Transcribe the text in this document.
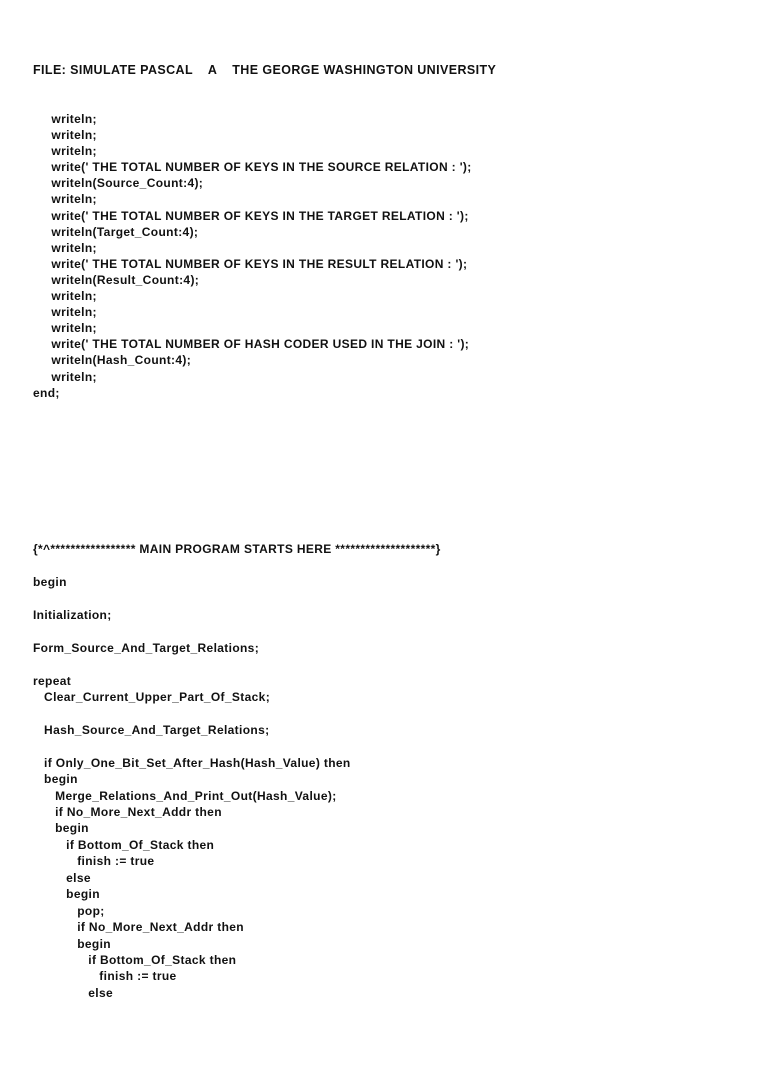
FILE: SIMULATE PASCAL    A    THE GEORGE WASHINGTON UNIVERSITY
writeln;
writeln;
writeln;
write(' THE TOTAL NUMBER OF KEYS IN THE SOURCE RELATION : ');
writeln(Source_Count:4);
writeln;
write(' THE TOTAL NUMBER OF KEYS IN THE TARGET RELATION : ');
writeln(Target_Count:4);
writeln;
write(' THE TOTAL NUMBER OF KEYS IN THE RESULT RELATION : ');
writeln(Result_Count:4);
writeln;
writeln;
writeln;
write(' THE TOTAL NUMBER OF HASH CODER USED IN THE JOIN : ');
writeln(Hash_Count:4);
writeln;
end;
{*^***************** MAIN PROGRAM STARTS HERE ********************}
begin
Initialization;
Form_Source_And_Target_Relations;
repeat
Clear_Current_Upper_Part_Of_Stack;
Hash_Source_And_Target_Relations;
if Only_One_Bit_Set_After_Hash(Hash_Value) then
begin
Merge_Relations_And_Print_Out(Hash_Value);
if No_More_Next_Addr then
begin
if Bottom_Of_Stack then
finish := true
else
begin
pop;
if No_More_Next_Addr then
begin
if Bottom_Of_Stack then
finish := true
else
